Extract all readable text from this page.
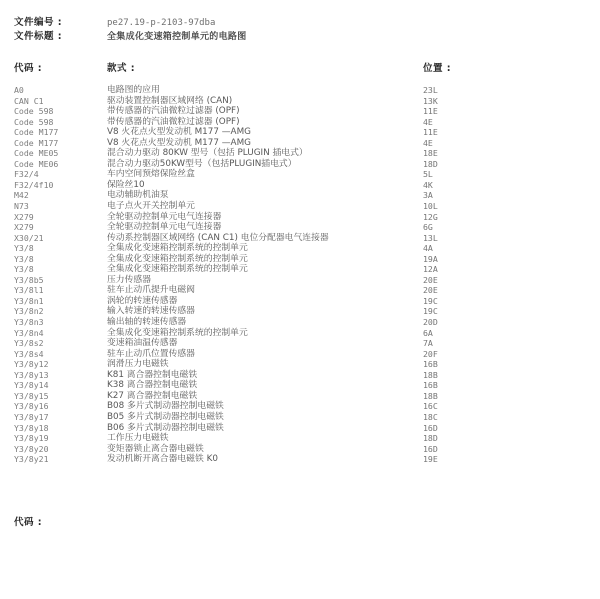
文件编号 :	pe27.19-p-2103-97dba
文件标题 :	全集成化变速箱控制单元的电路图
代码 :	款式 :	位置 :
A0	电路图的应用	23L
CAN C1	驱动装置控制器区域网络 (CAN)	13K
Code 598	带传感器的汽油微粒过滤器 (OPF)	11E
Code 598	带传感器的汽油微粒过滤器 (OPF)	4E
Code M177	V8 火花点火型发动机 M177 —AMG	11E
Code M177	V8 火花点火型发动机 M177 —AMG	4E
Code ME05	混合动力驱动 80KW 型号（包括 PLUGIN 插电式）	18E
Code ME06	混合动力驱动50KW型号（包括PLUGIN插电式）	18D
F32/4	车内空间预熔保险丝盒	5L
F32/4f10	保险丝10	4K
M42	电动辅助机油泵	3A
N73	电子点火开关控制单元	10L
X279	全轮驱动控制单元电气连接器	12G
X279	全轮驱动控制单元电气连接器	6G
X30/21	传动系控制器区域网络 (CAN C1) 电位分配器电气连接器	13L
Y3/8	全集成化变速箱控制系统的控制单元	4A
Y3/8	全集成化变速箱控制系统的控制单元	19A
Y3/8	全集成化变速箱控制系统的控制单元	12A
Y3/8b5	压力传感器	20E
Y3/8l1	驻车止动爪提升电磁阀	20E
Y3/8n1	涡轮的转速传感器	19C
Y3/8n2	输入转速的转速传感器	19C
Y3/8n3	输出轴的转速传感器	20D
Y3/8n4	全集成化变速箱控制系统的控制单元	6A
Y3/8s2	变速箱油温传感器	7A
Y3/8s4	驻车止动爪位置传感器	20F
Y3/8y12	润滑压力电磁铁	16B
Y3/8y13	K81 离合器控制电磁铁	18B
Y3/8y14	K38 离合器控制电磁铁	16B
Y3/8y15	K27 离合器控制电磁铁	18B
Y3/8y16	B08 多片式制动器控制电磁铁	16C
Y3/8y17	B05 多片式制动器控制电磁铁	18C
Y3/8y18	B06 多片式制动器控制电磁铁	16D
Y3/8y19	工作压力电磁铁	18D
Y3/8y20	变矩器锁止离合器电磁铁	16D
Y3/8y21	发动机断开离合器电磁铁 K0	19E
代码 :
